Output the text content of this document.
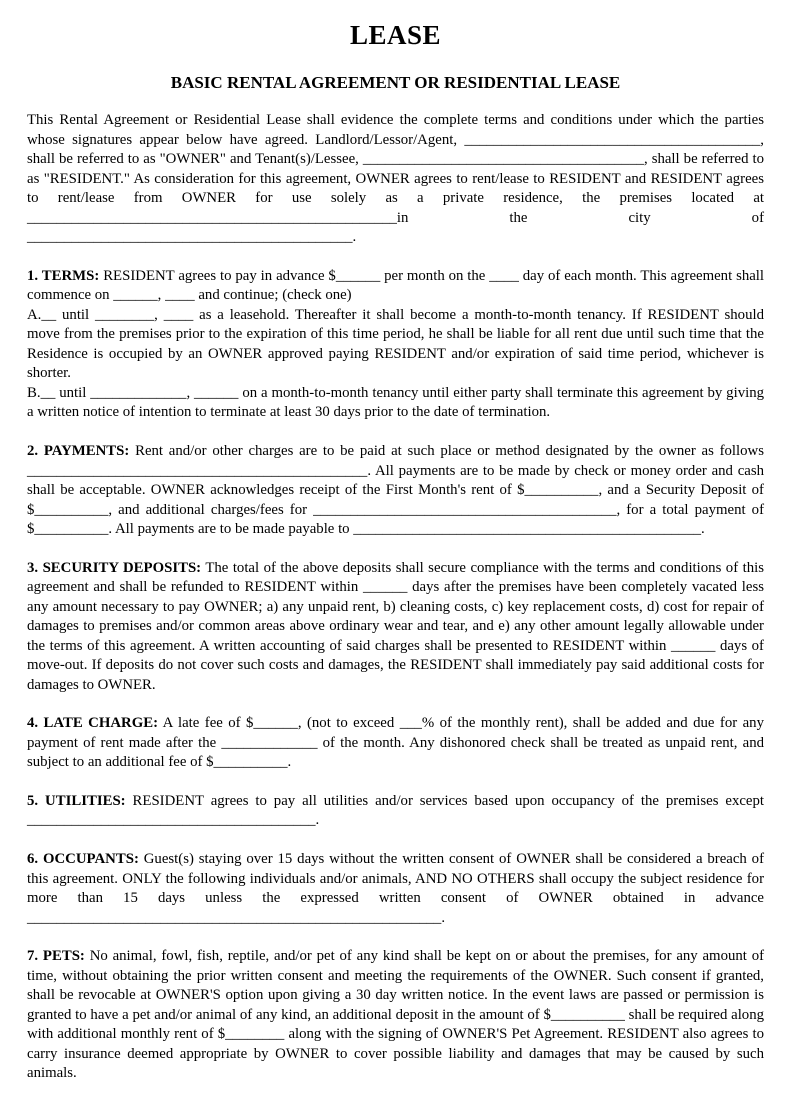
LEASE
BASIC RENTAL AGREEMENT OR RESIDENTIAL LEASE

This Rental Agreement or Residential Lease shall evidence the complete terms and conditions under which the parties whose signatures appear below have agreed. Landlord/Lessor/Agent, ________________________________________, shall be referred to as "OWNER" and Tenant(s)/Lessee, ______________________________________, shall be referred to as "RESIDENT." As consideration for this agreement, OWNER agrees to rent/lease to RESIDENT and RESIDENT agrees to rent/lease from OWNER for use solely as a private residence, the premises located at __________________________________________________in the city of ____________________________________________.

1. TERMS: RESIDENT agrees to pay in advance $______ per month on the ____ day of each month. This agreement shall commence on ______, ____ and continue; (check one)

A.__ until ________, ____ as a leasehold. Thereafter it shall become a month-to-month tenancy. If RESIDENT should move from the premises prior to the expiration of this time period, he shall be liable for all rent due until such time that the Residence is occupied by an OWNER approved paying RESIDENT and/or expiration of said time period, whichever is shorter.

B.__ until _____________, ______ on a month-to-month tenancy until either party shall terminate this agreement by giving a written notice of intention to terminate at least 30 days prior to the date of termination.

2. PAYMENTS: Rent and/or other charges are to be paid at such place or method designated by the owner as follows ______________________________________________. All payments are to be made by check or money order and cash shall be acceptable. OWNER acknowledges receipt of the First Month's rent of $__________, and a Security Deposit of $__________, and additional charges/fees for _________________________________________, for a total payment of $__________. All payments are to be made payable to _______________________________________________.

3. SECURITY DEPOSITS: The total of the above deposits shall secure compliance with the terms and conditions of this agreement and shall be refunded to RESIDENT within ______ days after the premises have been completely vacated less any amount necessary to pay OWNER; a) any unpaid rent, b) cleaning costs, c) key replacement costs, d) cost for repair of damages to premises and/or common areas above ordinary wear and tear, and e) any other amount legally allowable under the terms of this agreement. A written accounting of said charges shall be presented to RESIDENT within ______ days of move-out. If deposits do not cover such costs and damages, the RESIDENT shall immediately pay said additional costs for damages to OWNER.

4. LATE CHARGE: A late fee of $______, (not to exceed ___% of the monthly rent), shall be added and due for any payment of rent made after the _____________ of the month. Any dishonored check shall be treated as unpaid rent, and subject to an additional fee of $__________.

5. UTILITIES: RESIDENT agrees to pay all utilities and/or services based upon occupancy of the premises except _______________________________________.

6. OCCUPANTS: Guest(s) staying over 15 days without the written consent of OWNER shall be considered a breach of this agreement. ONLY the following individuals and/or animals, AND NO OTHERS shall occupy the subject residence for more than 15 days unless the expressed written consent of OWNER obtained in advance ________________________________________________________.

7. PETS: No animal, fowl, fish, reptile, and/or pet of any kind shall be kept on or about the premises, for any amount of time, without obtaining the prior written consent and meeting the requirements of the OWNER. Such consent if granted, shall be revocable at OWNER'S option upon giving a 30 day written notice. In the event laws are passed or permission is granted to have a pet and/or animal of any kind, an additional deposit in the amount of $__________ shall be required along with additional monthly rent of $________ along with the signing of OWNER'S Pet Agreement. RESIDENT also agrees to carry insurance deemed appropriate by OWNER to cover possible liability and damages that may be caused by such animals.
